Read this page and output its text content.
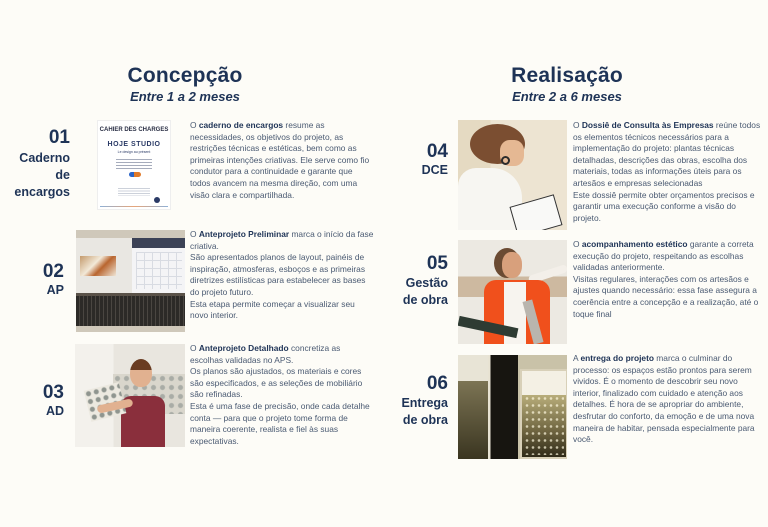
Concepção
Entre 1 a 2 meses
Realisação
Entre 2 a 6 meses
01
Caderno
de
encargos
CAHIER DES CHARGES
HOJE STUDIO
Le design au présent
O caderno de encargos resume as necessidades, os objetivos do projeto, as restrições técnicas e estéticas, bem como as primeiras intenções criativas. Ele serve como fio condutor para a continuidade e garante que todos avancem na mesma direção, com uma visão clara e compartilhada.
02
AP
O Anteprojeto Preliminar marca o início da fase criativa.
São apresentados planos de layout, painéis de inspiração, atmosferas, esboços e as primeiras diretrizes estilísticas para estabelecer as bases do projeto futuro.
Esta etapa permite começar a visualizar seu novo interior.
03
AD
O Anteprojeto Detalhado concretiza as escolhas validadas no APS.
Os planos são ajustados, os materiais e cores são especificados, e as seleções de mobiliário são refinadas.
Esta é uma fase de precisão, onde cada detalhe conta — para que o projeto tome forma de maneira coerente, realista e fiel às suas expectativas.
04
DCE
O Dossiê de Consulta às Empresas reúne todos os elementos técnicos necessários para a implementação do projeto: plantas técnicas detalhadas, descrições das obras, escolha dos materiais, todas as informações úteis para os artesãos e empresas selecionadas
Este dossiê permite obter orçamentos precisos e garantir uma execução conforme a visão do projeto.
05
Gestão
de obra
O acompanhamento estético garante a correta execução do projeto, respeitando as escolhas validadas anteriormente.
Visitas regulares, interações com os artesãos e ajustes quando necessário: essa fase assegura a coerência entre a concepção e a realização, até o toque final
06
Entrega
de obra
A entrega do projeto marca o culminar do processo: os espaços estão prontos para serem vividos. É o momento de descobrir seu novo interior, finalizado com cuidado e atenção aos detalhes. É hora de se apropriar do ambiente, desfrutar do conforto, da emoção e de uma nova maneira de habitar, pensada especialmente para você.
